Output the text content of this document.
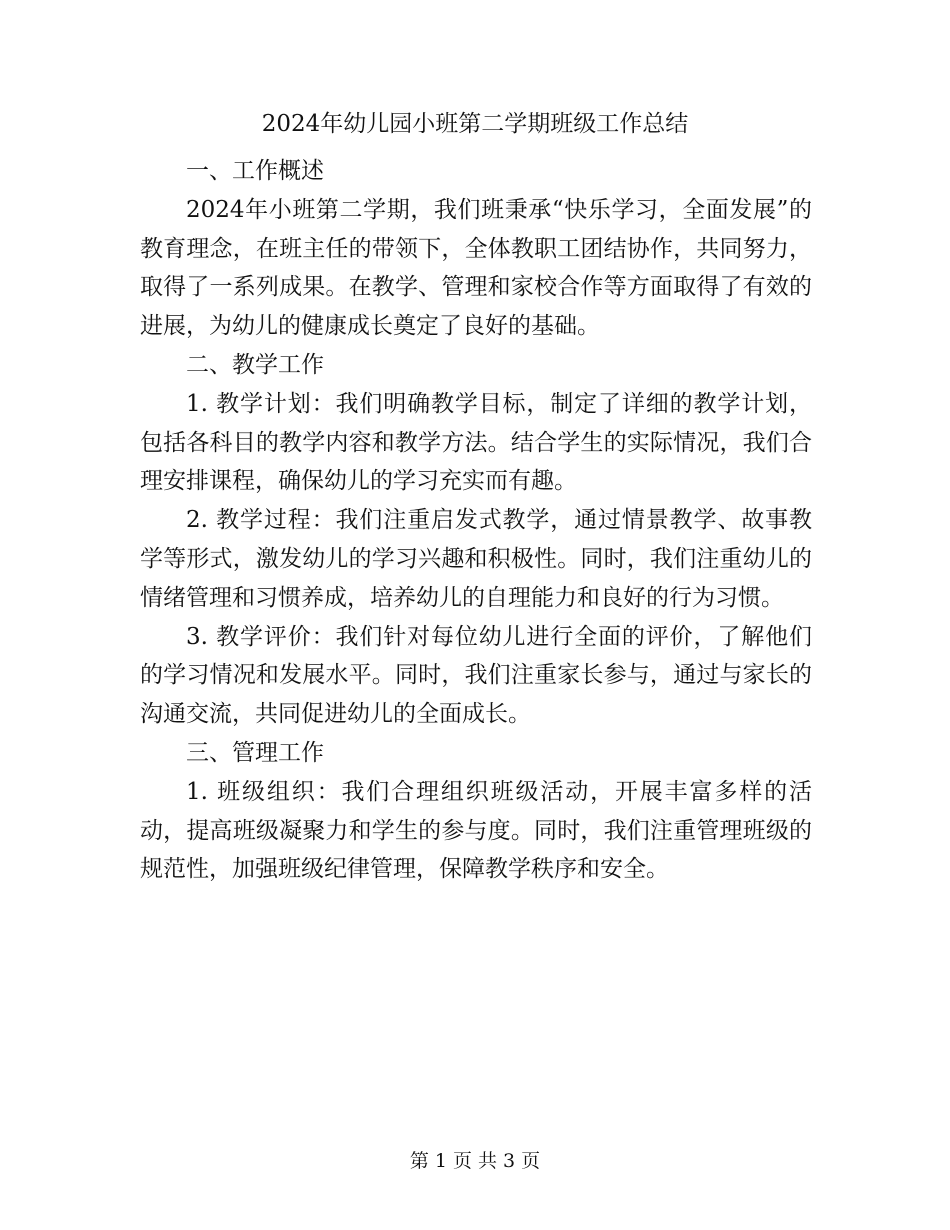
2024年幼儿园小班第二学期班级工作总结

一、工作概述

2024年小班第二学期，我们班秉承“快乐学习，全面发展”的教育理念，在班主任的带领下，全体教职工团结协作，共同努力，取得了一系列成果。在教学、管理和家校合作等方面取得了有效的进展，为幼儿的健康成长奠定了良好的基础。

二、教学工作

1. 教学计划：我们明确教学目标，制定了详细的教学计划，包括各科目的教学内容和教学方法。结合学生的实际情况，我们合理安排课程，确保幼儿的学习充实而有趣。

2. 教学过程：我们注重启发式教学，通过情景教学、故事教学等形式，激发幼儿的学习兴趣和积极性。同时，我们注重幼儿的情绪管理和习惯养成，培养幼儿的自理能力和良好的行为习惯。

3. 教学评价：我们针对每位幼儿进行全面的评价，了解他们的学习情况和发展水平。同时，我们注重家长参与，通过与家长的沟通交流，共同促进幼儿的全面成长。

三、管理工作

1. 班级组织：我们合理组织班级活动，开展丰富多样的活动，提高班级凝聚力和学生的参与度。同时，我们注重管理班级的规范性，加强班级纪律管理，保障教学秩序和安全。

第 1 页 共 3 页
